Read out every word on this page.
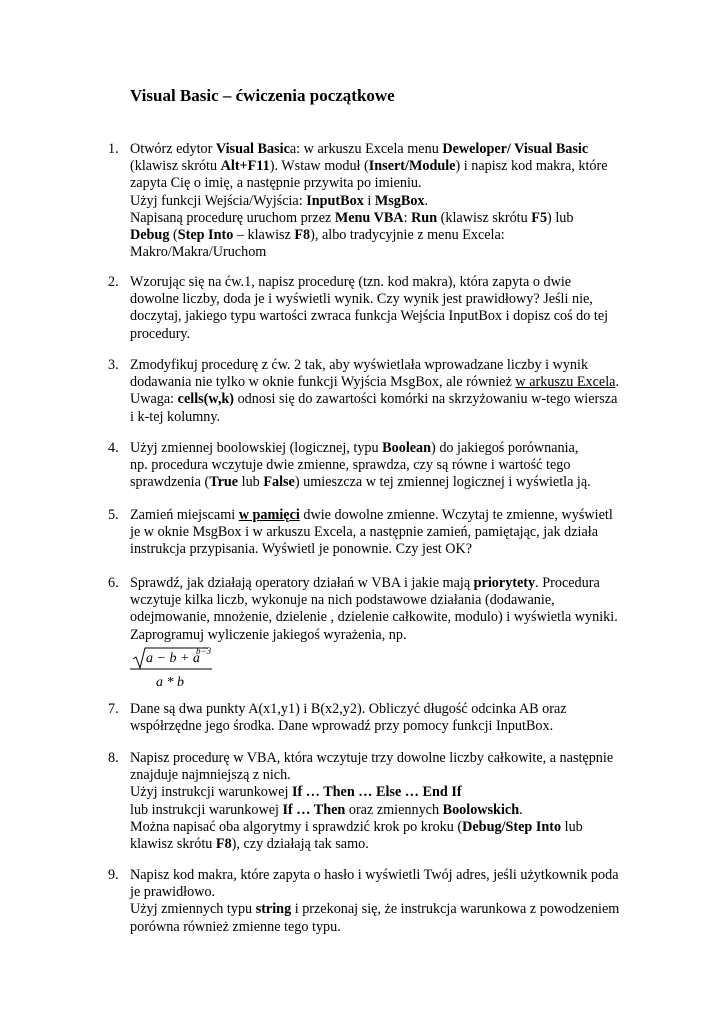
Visual Basic – ćwiczenia początkowe
1. Otwórz edytor Visual Basica: w arkuszu Excela menu Deweloper/ Visual Basic
(klawisz skrótu Alt+F11). Wstaw moduł (Insert/Module) i napisz kod makra, które
zapyta Cię o imię, a następnie przywita po imieniu.
Użyj funkcji Wejścia/Wyjścia: InputBox i MsgBox.
Napisaną procedurę uruchom przez Menu VBA: Run (klawisz skrótu F5) lub
Debug (Step Into – klawisz F8), albo tradycyjnie z menu Excela:
Makro/Makra/Uruchom
2. Wzorując się na ćw.1, napisz procedurę (tzn. kod makra), która zapyta o dwie
dowolne liczby, doda je i wyświetli wynik. Czy wynik jest prawidłowy? Jeśli nie,
doczytaj, jakiego typu wartości zwraca funkcja Wejścia InputBox i dopisz coś do tej
procedury.
3. Zmodyfikuj procedurę z ćw. 2 tak, aby wyświetlała wprowadzane liczby i wynik
dodawania nie tylko w oknie funkcji Wyjścia MsgBox, ale również w arkuszu Excela.
Uwaga: cells(w,k) odnosi się do zawartości komórki na skrzyżowaniu w-tego wiersza
i k-tej kolumny.
4. Użyj zmiennej boolowskiej (logicznej, typu Boolean) do jakiegoś porównania,
np. procedura wczytuje dwie zmienne, sprawdza, czy są równe i wartość tego
sprawdzenia (True lub False) umieszcza w tej zmiennej logicznej i wyświetla ją.
5. Zamień miejscami w pamięci dwie dowolne zmienne. Wczytaj te zmienne, wyświetl
je w oknie MsgBox i w arkuszu Excela, a następnie zamień, pamiętając, jak działa
instrukcja przypisania. Wyświetl je ponownie. Czy jest OK?
6. Sprawdź, jak działają operatory działań w VBA i jakie mają priorytety. Procedura
wczytuje kilka liczb, wykonuje na nich podstawowe działania (dodawanie,
odejmowanie, mnożenie, dzielenie , dzielenie całkowite, modulo) i wyświetla wyniki.
Zaprogramuj wyliczenie jakiegoś wyrażenia, np.
a − b + a
b−3
a * b
7. Dane są dwa punkty A(x1,y1) i B(x2,y2). Obliczyć długość odcinka AB oraz
współrzędne jego środka. Dane wprowadź przy pomocy funkcji InputBox.
8. Napisz procedurę w VBA, która wczytuje trzy dowolne liczby całkowite, a następnie
znajduje najmniejszą z nich.
Użyj instrukcji warunkowej If … Then … Else … End If
lub instrukcji warunkowej If … Then oraz zmiennych Boolowskich.
Można napisać oba algorytmy i sprawdzić krok po kroku (Debug/Step Into lub
klawisz skrótu F8), czy działają tak samo.
9. Napisz kod makra, które zapyta o hasło i wyświetli Twój adres, jeśli użytkownik poda
je prawidłowo.
Użyj zmiennych typu string i przekonaj się, że instrukcja warunkowa z powodzeniem
porówna również zmienne tego typu.
